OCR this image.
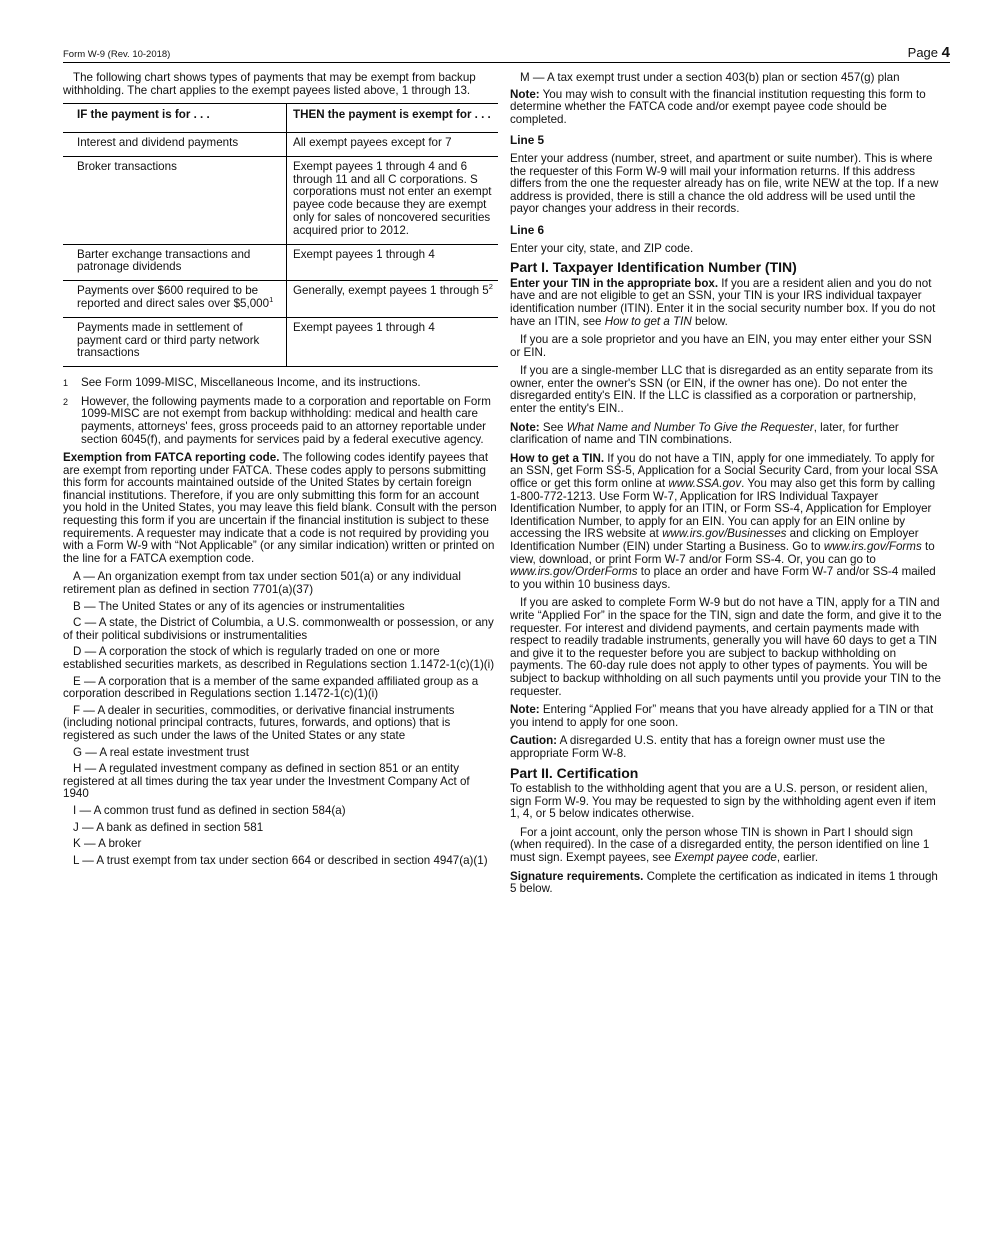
Form W-9 (Rev. 10-2018)	Page 4

The following chart shows types of payments that may be exempt from backup withholding. The chart applies to the exempt payees listed above, 1 through 13.

IF the payment is for . . .	THEN the payment is exempt for . . .
Interest and dividend payments	All exempt payees except for 7
Broker transactions	Exempt payees 1 through 4 and 6 through 11 and all C corporations. S corporations must not enter an exempt payee code because they are exempt only for sales of noncovered securities acquired prior to 2012.
Barter exchange transactions and patronage dividends	Exempt payees 1 through 4
Payments over $600 required to be reported and direct sales over $5,000$^1$	Generally, exempt payees 1 through $5^2$
Payments made in settlement of payment card or third party network transactions	Exempt payees 1 through 4
1	See Form 1099-MISC, Miscellaneous Income, and its instructions.
2	However, the following payments made to a corporation and reportable on Form 1099-MISC are not exempt from backup withholding: medical and health care payments, attorneys' fees, gross proceeds paid to an attorney reportable under section 6045(f), and payments for services paid by a federal executive agency.

Exemption from FATCA reporting code. The following codes identify payees that are exempt from reporting under FATCA. These codes apply to persons submitting this form for accounts maintained outside of the United States by certain foreign financial institutions. Therefore, if you are only submitting this form for an account you hold in the United States, you may leave this field blank. Consult with the person requesting this form if you are uncertain if the financial institution is subject to these requirements. A requester may indicate that a code is not required by providing you with a Form W-9 with “Not Applicable” (or any similar indication) written or printed on the line for a FATCA exemption code.

A — An organization exempt from tax under section 501(a) or any individual retirement plan as defined in section 7701(a)(37)

B — The United States or any of its agencies or instrumentalities

C — A state, the District of Columbia, a U.S. commonwealth or possession, or any of their political subdivisions or instrumentalities

D — A corporation the stock of which is regularly traded on one or more established securities markets, as described in Regulations section 1.1472-1(c)(1)(i)

E — A corporation that is a member of the same expanded affiliated group as a corporation described in Regulations section 1.1472-1(c)(1)(i)

F — A dealer in securities, commodities, or derivative financial instruments (including notional principal contracts, futures, forwards, and options) that is registered as such under the laws of the United States or any state

G — A real estate investment trust

H — A regulated investment company as defined in section 851 or an entity registered at all times during the tax year under the Investment Company Act of 1940

I — A common trust fund as defined in section 584(a)

J — A bank as defined in section 581

K — A broker

L — A trust exempt from tax under section 664 or described in section 4947(a)(1)

M — A tax exempt trust under a section 403(b) plan or section 457(g) plan

Note: You may wish to consult with the financial institution requesting this form to determine whether the FATCA code and/or exempt payee code should be completed.

Line 5

Enter your address (number, street, and apartment or suite number). This is where the requester of this Form W-9 will mail your information returns. If this address differs from the one the requester already has on file, write NEW at the top. If a new address is provided, there is still a chance the old address will be used until the payor changes your address in their records.

Line 6

Enter your city, state, and ZIP code.

Part I. Taxpayer Identification Number (TIN)

Enter your TIN in the appropriate box. If you are a resident alien and you do not have and are not eligible to get an SSN, your TIN is your IRS individual taxpayer identification number (ITIN). Enter it in the social security number box. If you do not have an ITIN, see How to get a TIN below.

If you are a sole proprietor and you have an EIN, you may enter either your SSN or EIN.

If you are a single-member LLC that is disregarded as an entity separate from its owner, enter the owner's SSN (or EIN, if the owner has one). Do not enter the disregarded entity's EIN. If the LLC is classified as a corporation or partnership, enter the entity's EIN..

Note: See What Name and Number To Give the Requester, later, for further clarification of name and TIN combinations.

How to get a TIN. If you do not have a TIN, apply for one immediately. To apply for an SSN, get Form SS-5, Application for a Social Security Card, from your local SSA office or get this form online at www.SSA.gov. You may also get this form by calling 1-800-772-1213. Use Form W-7, Application for IRS Individual Taxpayer Identification Number, to apply for an ITIN, or Form SS-4, Application for Employer Identification Number, to apply for an EIN. You can apply for an EIN online by accessing the IRS website at www.irs.gov/Businesses and clicking on Employer Identification Number (EIN) under Starting a Business. Go to www.irs.gov/Forms to view, download, or print Form W-7 and/or Form SS-4. Or, you can go to www.irs.gov/OrderForms to place an order and have Form W-7 and/or SS-4 mailed to you within 10 business days.

If you are asked to complete Form W-9 but do not have a TIN, apply for a TIN and write “Applied For” in the space for the TIN, sign and date the form, and give it to the requester. For interest and dividend payments, and certain payments made with respect to readily tradable instruments, generally you will have 60 days to get a TIN and give it to the requester before you are subject to backup withholding on payments. The 60-day rule does not apply to other types of payments. You will be subject to backup withholding on all such payments until you provide your TIN to the requester.

Note: Entering “Applied For” means that you have already applied for a TIN or that you intend to apply for one soon.

Caution: A disregarded U.S. entity that has a foreign owner must use the appropriate Form W-8.

Part II. Certification

To establish to the withholding agent that you are a U.S. person, or resident alien, sign Form W-9. You may be requested to sign by the withholding agent even if item 1, 4, or 5 below indicates otherwise.

For a joint account, only the person whose TIN is shown in Part I should sign (when required). In the case of a disregarded entity, the person identified on line 1 must sign. Exempt payees, see Exempt payee code, earlier.

Signature requirements. Complete the certification as indicated in items 1 through 5 below.
